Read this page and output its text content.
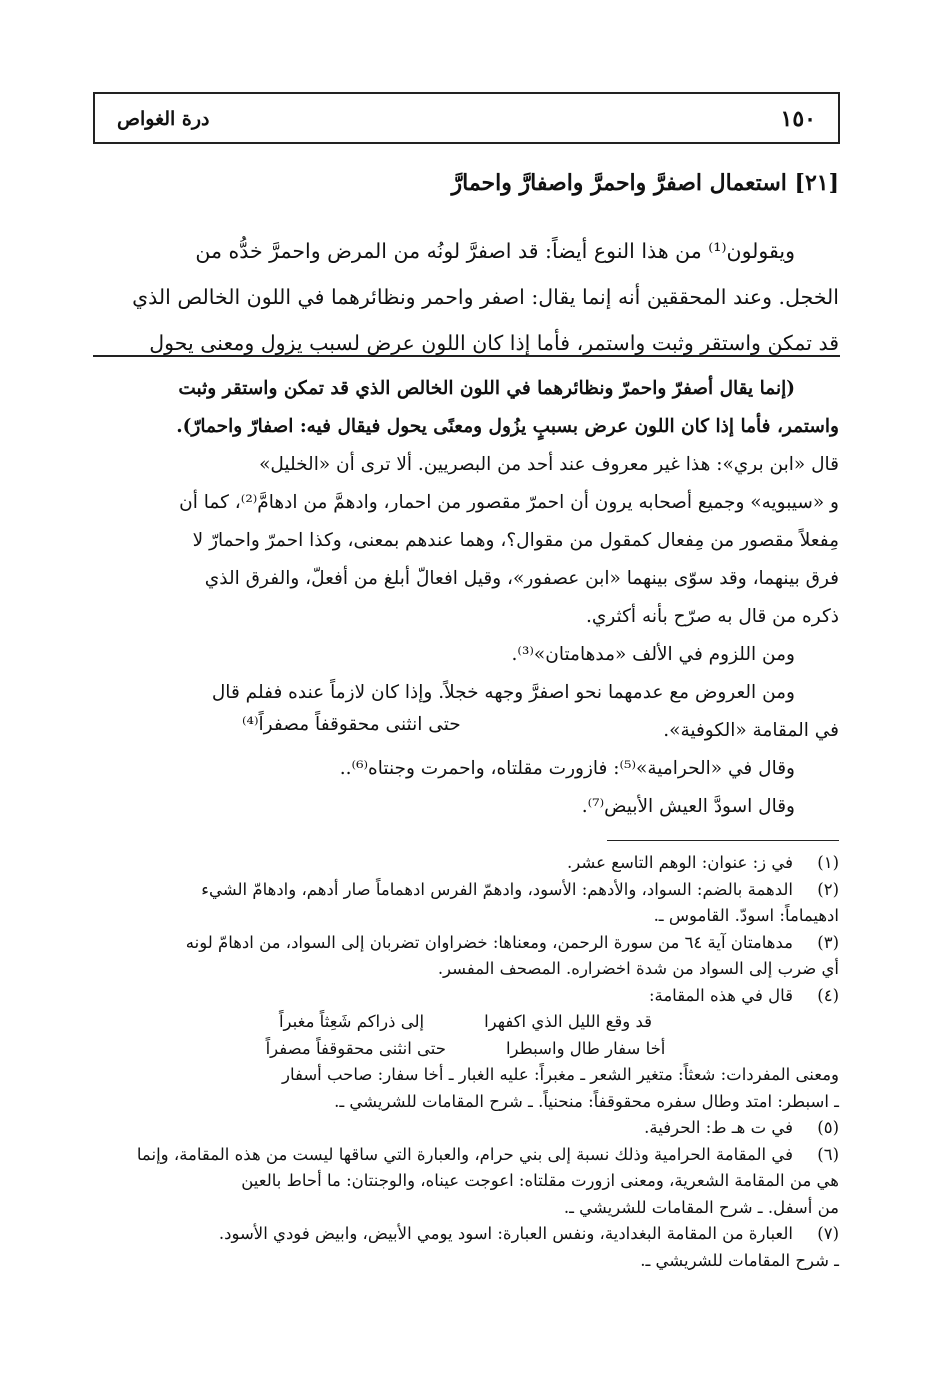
١٥٠
درة الغواص
[٢١] استعمال اصفرَّ واحمرَّ واصفارَّ واحمارَّ

ويقولون⁽¹⁾ من هذا النوع أيضاً: قد اصفرَّ لونُه من المرض واحمرَّ خدُّه من

الخجل. وعند المحققين أنه إنما يقال: اصفر واحمر ونظائرهما في اللون الخالص الذي

قد تمكن واستقر وثبت واستمر، فأما إذا كان اللون عرض لسبب يزول ومعنى يحول

(إنما يقال أصفرّ واحمرّ ونظائرهما في اللون الخالص الذي قد تمكن واستقر وثبت

واستمر، فأما إذا كان اللون عرض بسببٍ يزُول ومعنًى يحول فيقال فيه: اصفارّ واحمارّ).

قال «ابن بري»: هذا غير معروف عند أحد من البصريين. ألا ترى أن «الخليل»

و «سيبويه» وجميع أصحابه يرون أن احمرّ مقصور من احمار، وادهمَّ من ادهامَّ⁽²⁾، كما أن

مِفعلاً مقصور من مِفعال كمقول من مقوال؟، وهما عندهم بمعنى، وكذا احمرّ واحمارّ لا

فرق بينهما، وقد سوّى بينهما «ابن عصفور»، وقيل افعالّ أبلغ من أفعلّ، والفرق الذي

ذكره من قال به صرّح بأنه أكثري.

ومن اللزوم في الألف «مدهامتان»⁽³⁾.

ومن العروض مع عدمهما نحو اصفرَّ وجهه خجلاً. وإذا كان لازماً عنده ففلم قال

في المقامة «الكوفية».
حتى انثنى محقوقفاً مصفراً⁽⁴⁾

وقال في «الحرامية»⁽⁵⁾: فازورت مقلتاه، واحمرت وجنتاه⁽⁶⁾..

وقال اسودَّ العيش الأبيض⁽⁷⁾.

(١)
في ز: عنوان: الوهم التاسع عشر.
(٢)
الدهمة بالضم: السواد، والأدهم: الأسود، وادهمّ الفرس ادهماماً صار أدهم، وادهامّ الشيء
ادهيماماً: اسودّ. القاموس ـ.
(٣)
مدهامتان آية ٦٤ من سورة الرحمن، ومعناها: خضراوان تضربان إلى السواد، من ادهامّ لونه
أي ضرب إلى السواد من شدة اخضراره. المصحف المفسر.
(٤)
قال في هذه المقامة:
قد وقع الليل الذي اكفهرا
إلى ذراكم شَعِثاً مغبراً
أخا سفار طال واسبطرا
حتى انثنى محقوقفاً مصفراً
ومعنى المفردات: شعثاً: متغير الشعر ـ مغبراً: عليه الغبار ـ أخا سفار: صاحب أسفار
ـ اسبطر: امتد وطال سفره محقوقفاً: منحنياً. ـ شرح المقامات للشريشي ـ.
(٥)
في ت هـ ط: الحرفية.
(٦)
في المقامة الحرامية وذلك نسبة إلى بني حرام، والعبارة التي ساقها ليست من هذه المقامة، وإنما
هي من المقامة الشعرية، ومعنى ازورت مقلتاه: اعوجت عيناه، والوجنتان: ما أحاط بالعين
من أسفل. ـ شرح المقامات للشريشي ـ.
(٧)
العبارة من المقامة البغدادية، ونفس العبارة: اسود يومي الأبيض، وابيض فودي الأسود.
ـ شرح المقامات للشريشي ـ.
